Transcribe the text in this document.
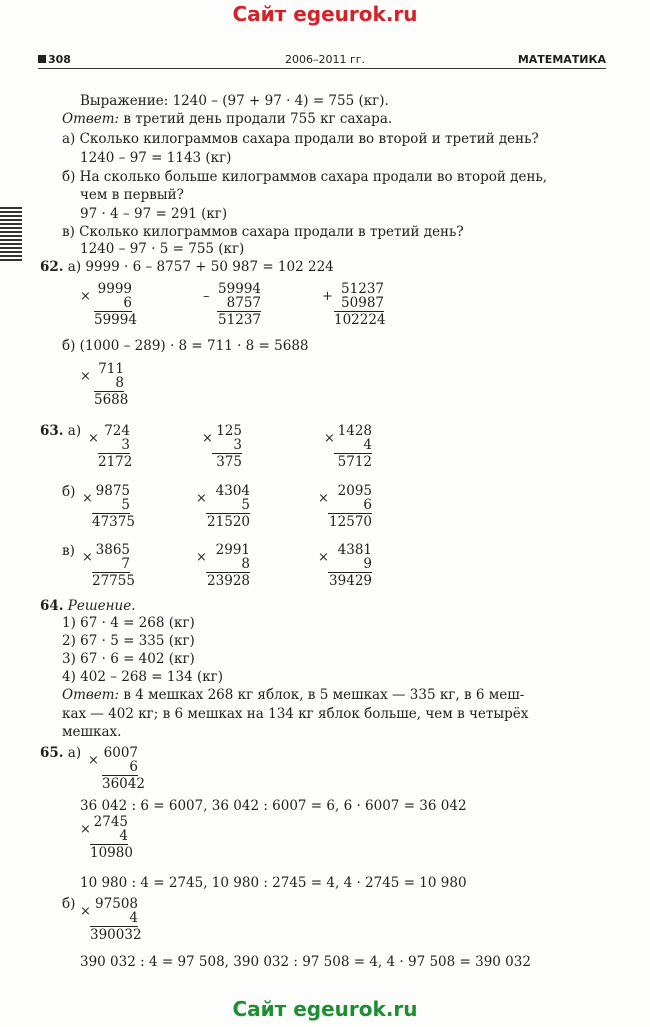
Сайт egeurok.ru
308	2006–2011 гг.	МАТЕМАТИКА
Выражение: 1240 – (97 + 97 · 4) = 755 (кг).
Ответ: в третий день продали 755 кг сахара.
а) Сколько килограммов сахара продали во второй и третий день?
1240 – 97 = 1143 (кг)
б) На сколько больше килограммов сахара продали во второй день,
чем в первый?
97 · 4 – 97 = 291 (кг)
в) Сколько килограммов сахара продали в третий день?
1240 – 97 · 5 = 755 (кг)
62. а) 9999 · 6 – 8757 + 50 987 = 102 224
× 9999
6
59994
– 59994
8757
51237
+ 51237
50987
102224
б) (1000 – 289) · 8 = 711 · 8 = 5688
× 711
8
5688
63. а) × 724
3
2172
× 125
3
375
× 1428
4
5712
б) × 9875
5
47375
× 4304
5
21520
× 2095
6
12570
в) × 3865
7
27755
× 2991
8
23928
× 4381
9
39429
64. Решение.
1) 67 · 4 = 268 (кг)
2) 67 · 5 = 335 (кг)
3) 67 · 6 = 402 (кг)
4) 402 – 268 = 134 (кг)
Ответ: в 4 мешках 268 кг яблок, в 5 мешках — 335 кг, в 6 меш-
ках — 402 кг; в 6 мешках на 134 кг яблок больше, чем в четырёх
мешках.
65. а) × 6007
6
36042
36 042 : 6 = 6007, 36 042 : 6007 = 6, 6 · 6007 = 36 042
× 2745
4
10980
10 980 : 4 = 2745, 10 980 : 2745 = 4, 4 · 2745 = 10 980
б) × 97508
4
390032
390 032 : 4 = 97 508, 390 032 : 97 508 = 4, 4 · 97 508 = 390 032
Сайт egeurok.ru
